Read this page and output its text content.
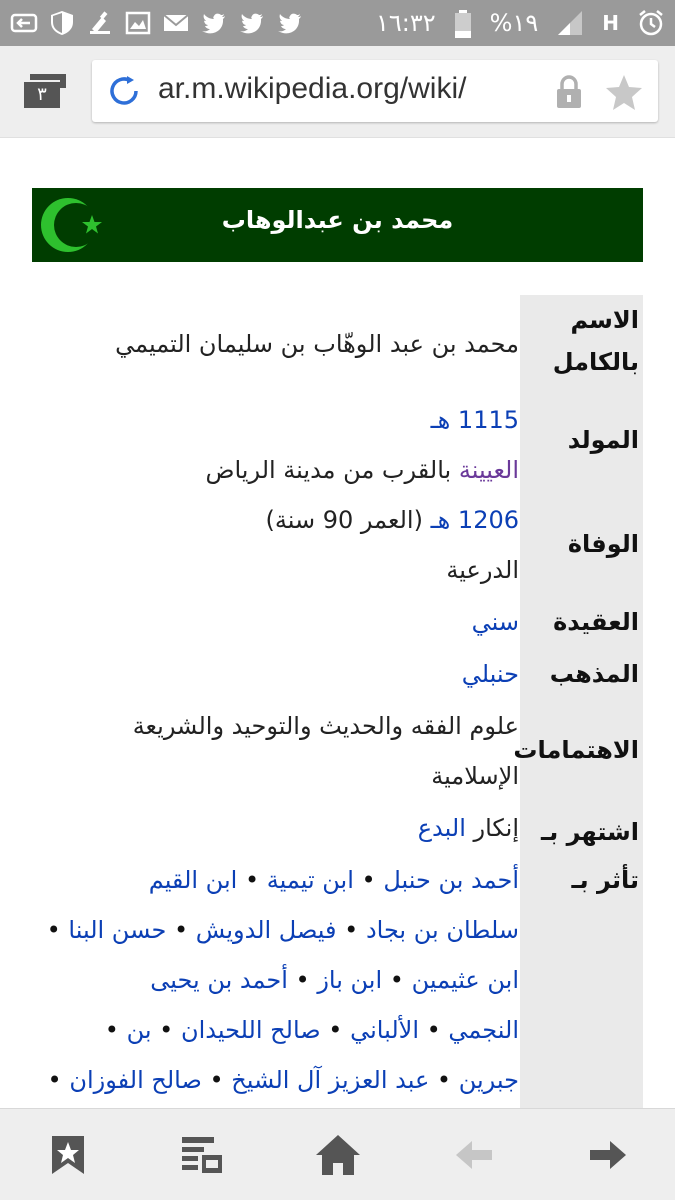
١٦:٣٢ %١٩	H
٣	ar.m.wikipedia.org/wiki/
محمد بن عبدالوهاب
الاسم
بالكامل
محمد بن عبد الوهّاب بن سليمان التميمي
المولد
1115 هـ
العيينة بالقرب من مدينة الرياض
الوفاة
1206 هـ (العمر 90 سنة)
الدرعية
العقيدة
سني
المذهب
حنبلي
الاهتمامات
علوم الفقه والحديث والتوحيد والشريعة
الإسلامية
اشتهر بـ
إنكار البدع
تأثر بـ
أحمد بن حنبل • ابن تيمية • ابن القيم
سلطان بن بجاد • فيصل الدويش • حسن البنا •
ابن عثيمين • ابن باز • أحمد بن يحيى
النجمي • الألباني • صالح اللحيدان • بن •
جبرين • عبد العزيز آل الشيخ • صالح الفوزان •
